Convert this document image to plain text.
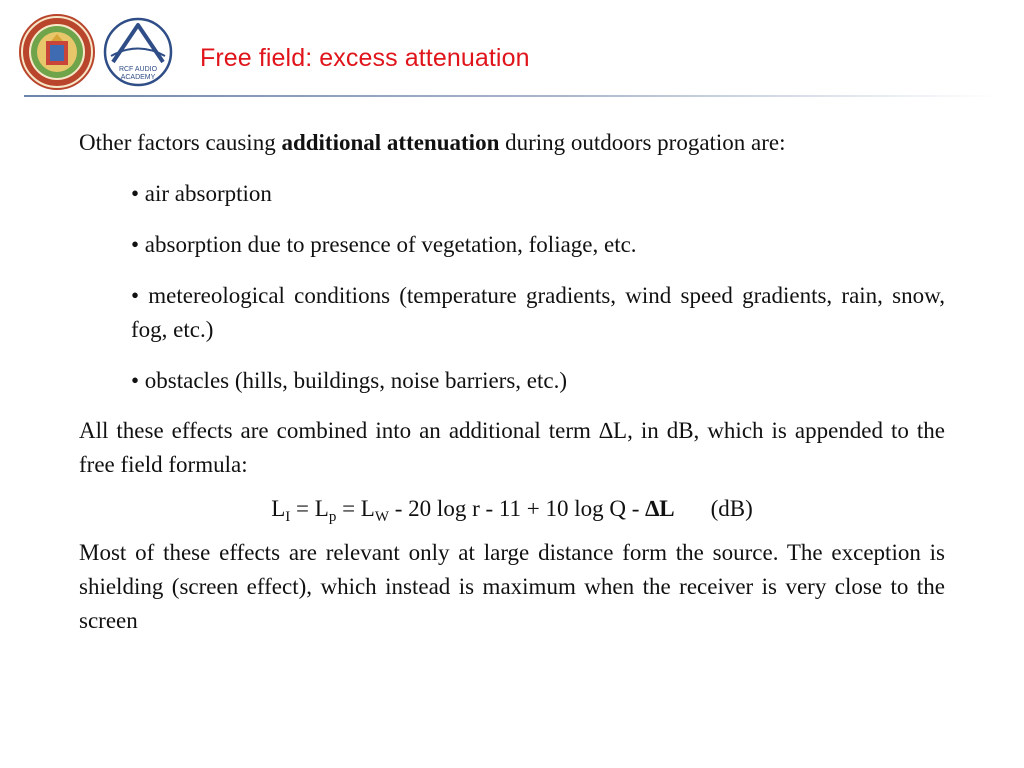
RCF AUDIO
ACADEMY
Free field: excess attenuation

Other factors causing additional attenuation during outdoors progation are:

• air absorption
• absorption due to presence of vegetation, foliage, etc.
• metereological conditions (temperature gradients, wind speed gradients, rain, snow, fog, etc.)
• obstacles (hills, buildings, noise barriers, etc.)

All these effects are combined into an additional term ∆L, in dB, which is appended to the free field formula:

$L_I = L_p = L_W - 20$ log r - 11 + 10 log Q - ∆L (dB)

Most of these effects are relevant only at large distance form the source. The exception is shielding (screen effect), which instead is maximum when the receiver is very close to the screen
